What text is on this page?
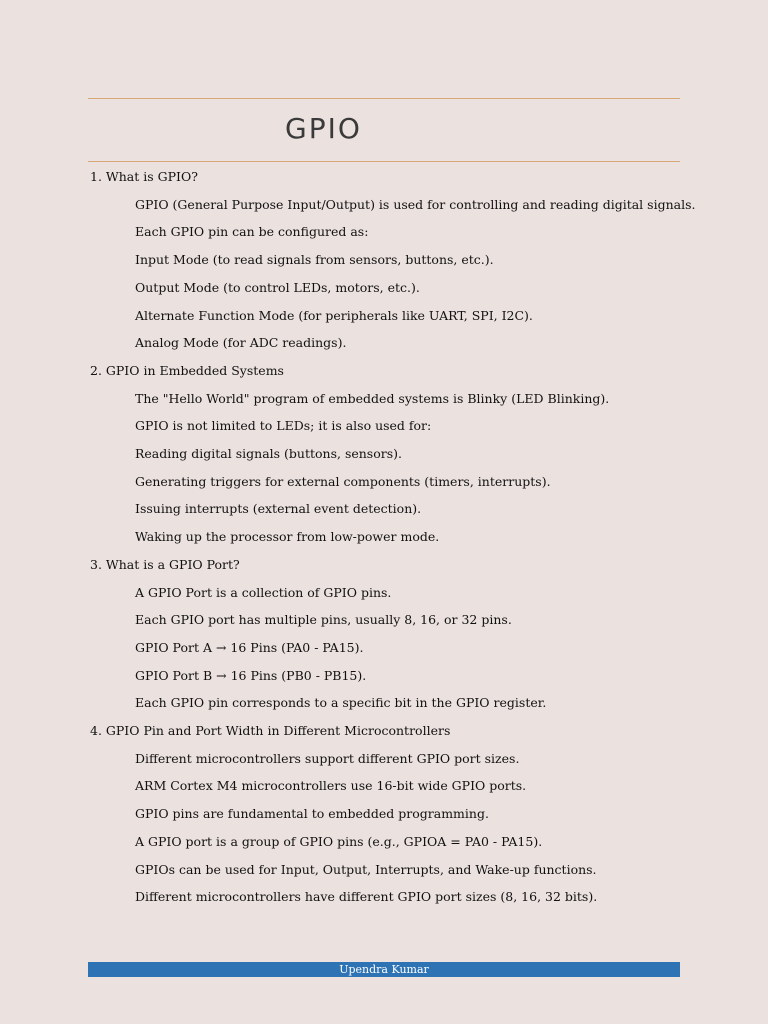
GPIO
1. What is GPIO?
GPIO (General Purpose Input/Output) is used for controlling and reading digital signals.
Each GPIO pin can be configured as:
Input Mode (to read signals from sensors, buttons, etc.).
Output Mode (to control LEDs, motors, etc.).
Alternate Function Mode (for peripherals like UART, SPI, I2C).
Analog Mode (for ADC readings).
2. GPIO in Embedded Systems
The "Hello World" program of embedded systems is Blinky (LED Blinking).
GPIO is not limited to LEDs; it is also used for:
Reading digital signals (buttons, sensors).
Generating triggers for external components (timers, interrupts).
Issuing interrupts (external event detection).
Waking up the processor from low-power mode.
3. What is a GPIO Port?
A GPIO Port is a collection of GPIO pins.
Each GPIO port has multiple pins, usually 8, 16, or 32 pins.
GPIO Port A → 16 Pins (PA0 - PA15).
GPIO Port B → 16 Pins (PB0 - PB15).
Each GPIO pin corresponds to a specific bit in the GPIO register.
4. GPIO Pin and Port Width in Different Microcontrollers
Different microcontrollers support different GPIO port sizes.
ARM Cortex M4 microcontrollers use 16-bit wide GPIO ports.
GPIO pins are fundamental to embedded programming.
A GPIO port is a group of GPIO pins (e.g., GPIOA = PA0 - PA15).
GPIOs can be used for Input, Output, Interrupts, and Wake-up functions.
Different microcontrollers have different GPIO port sizes (8, 16, 32 bits).
Upendra Kumar
